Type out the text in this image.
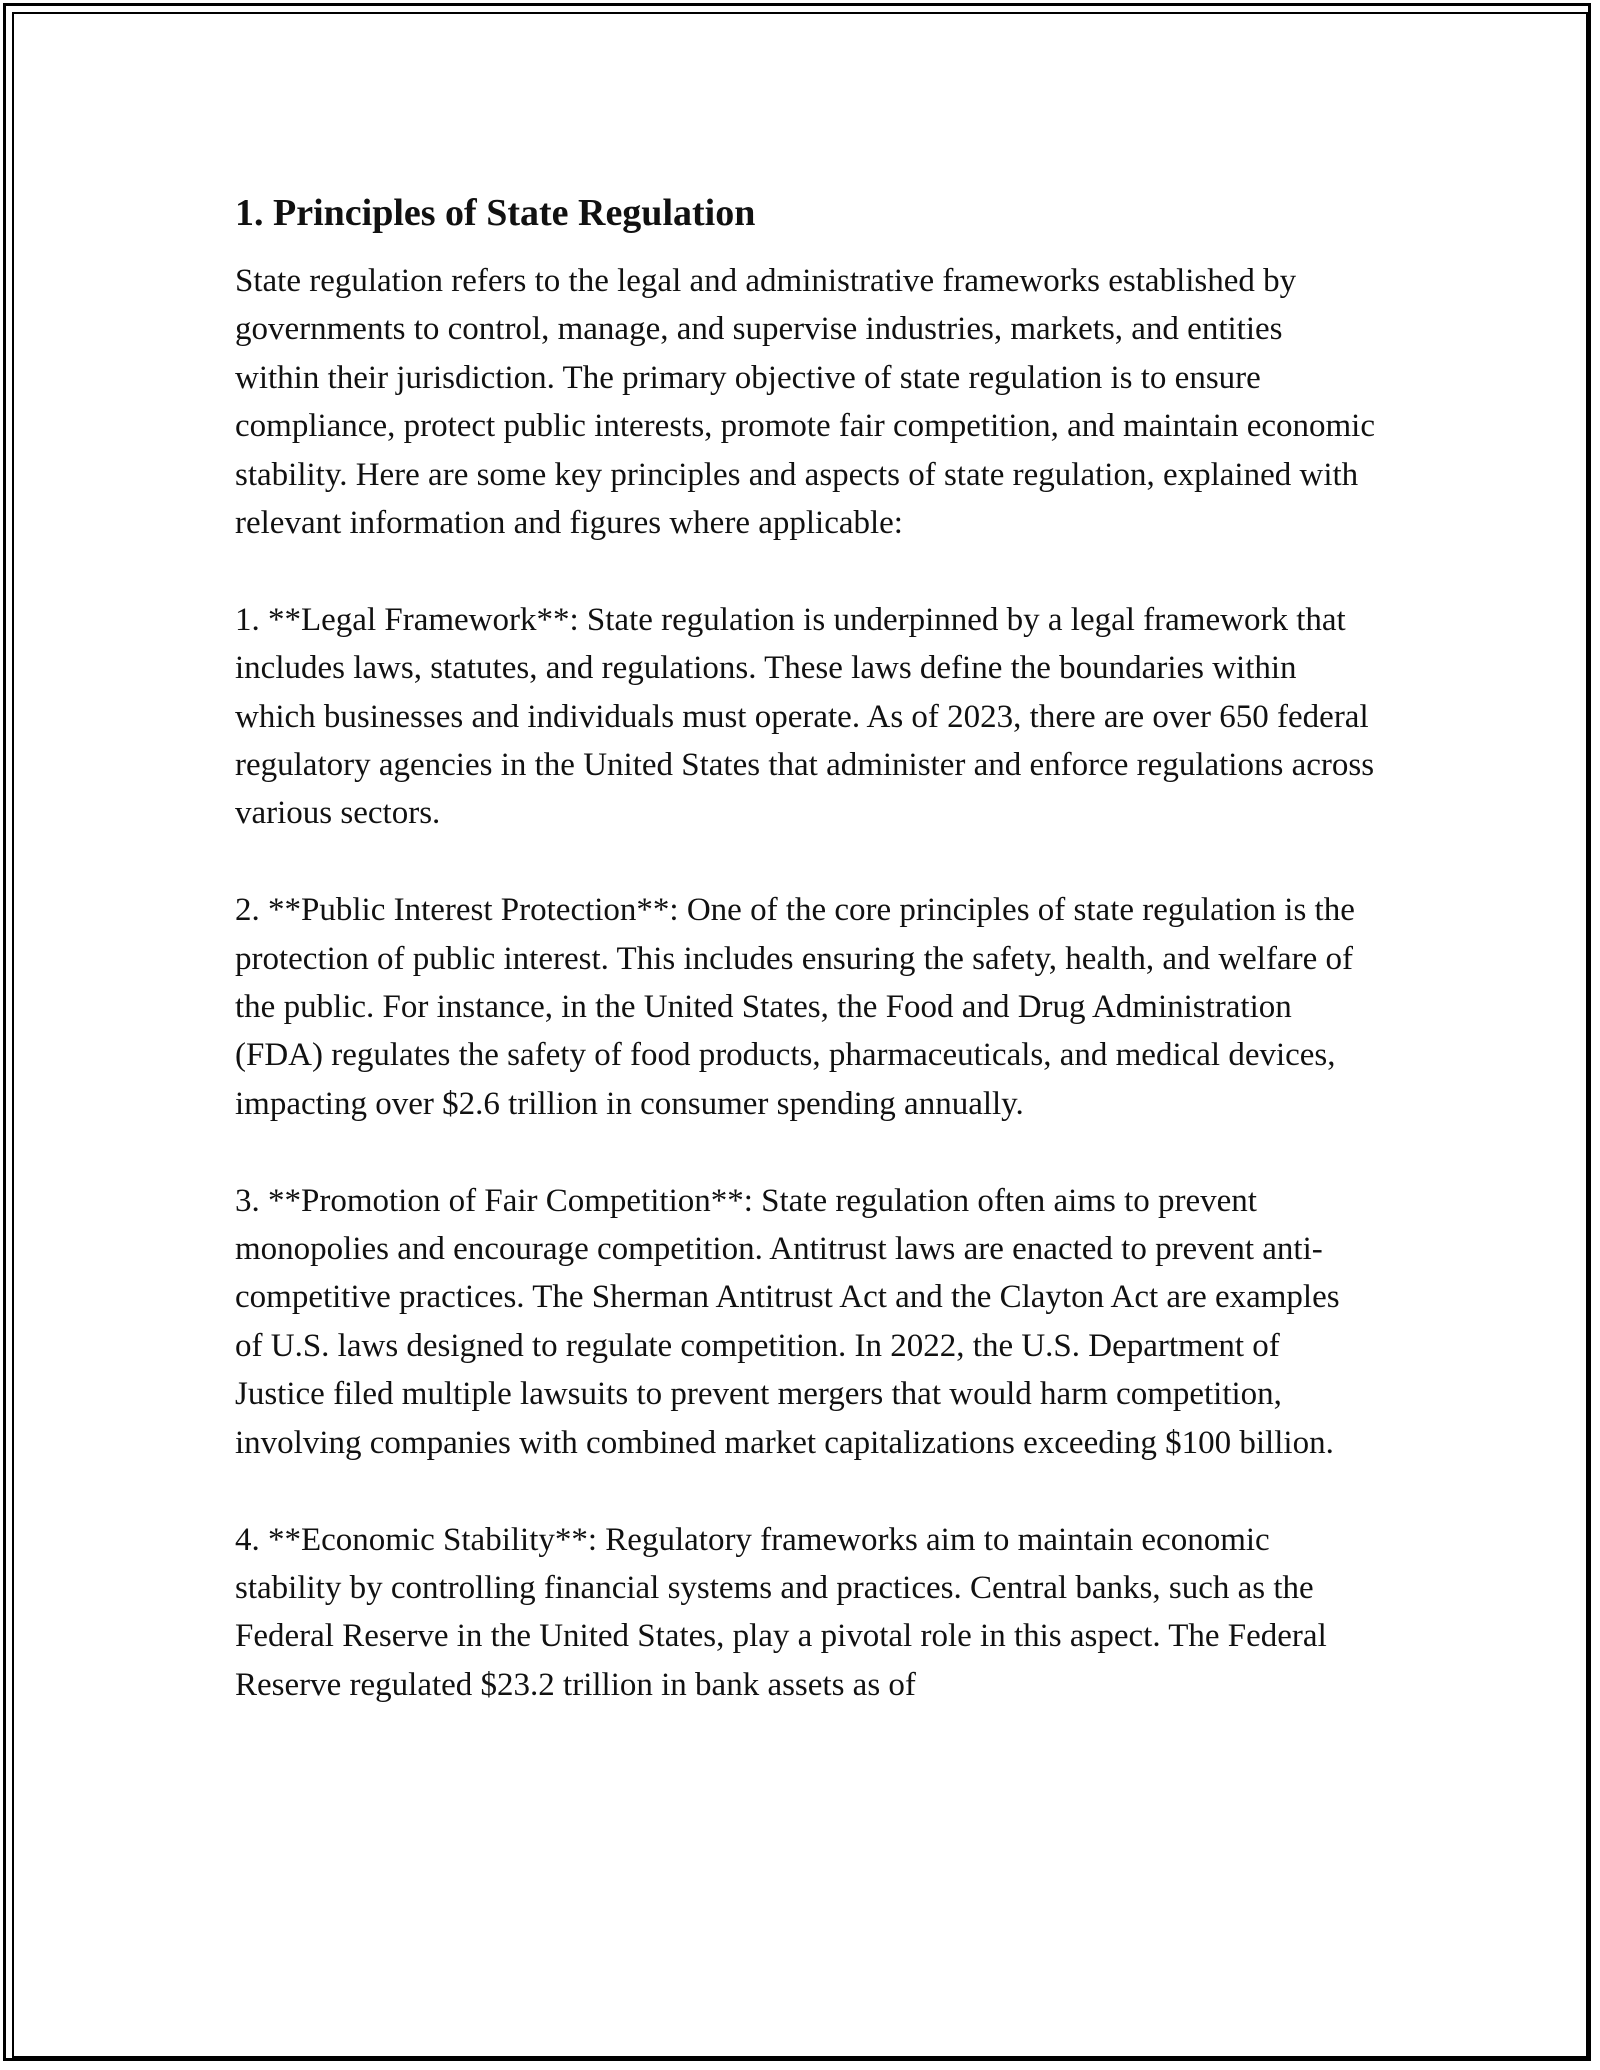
1. Principles of State Regulation

State regulation refers to the legal and administrative frameworks established by governments to control, manage, and supervise industries, markets, and entities within their jurisdiction. The primary objective of state regulation is to ensure compliance, protect public interests, promote fair competition, and maintain economic stability. Here are some key principles and aspects of state regulation, explained with relevant information and figures where applicable:

1. **Legal Framework**: State regulation is underpinned by a legal framework that includes laws, statutes, and regulations. These laws define the boundaries within which businesses and individuals must operate. As of 2023, there are over 650 federal regulatory agencies in the United States that administer and enforce regulations across various sectors.

2. **Public Interest Protection**: One of the core principles of state regulation is the protection of public interest. This includes ensuring the safety, health, and welfare of the public. For instance, in the United States, the Food and Drug Administration (FDA) regulates the safety of food products, pharmaceuticals, and medical devices, impacting over $2.6 trillion in consumer spending annually.

3. **Promotion of Fair Competition**: State regulation often aims to prevent monopolies and encourage competition. Antitrust laws are enacted to prevent anti-competitive practices. The Sherman Antitrust Act and the Clayton Act are examples of U.S. laws designed to regulate competition. In 2022, the U.S. Department of Justice filed multiple lawsuits to prevent mergers that would harm competition, involving companies with combined market capitalizations exceeding $100 billion.

4. **Economic Stability**: Regulatory frameworks aim to maintain economic stability by controlling financial systems and practices. Central banks, such as the Federal Reserve in the United States, play a pivotal role in this aspect. The Federal Reserve regulated $23.2 trillion in bank assets as of
